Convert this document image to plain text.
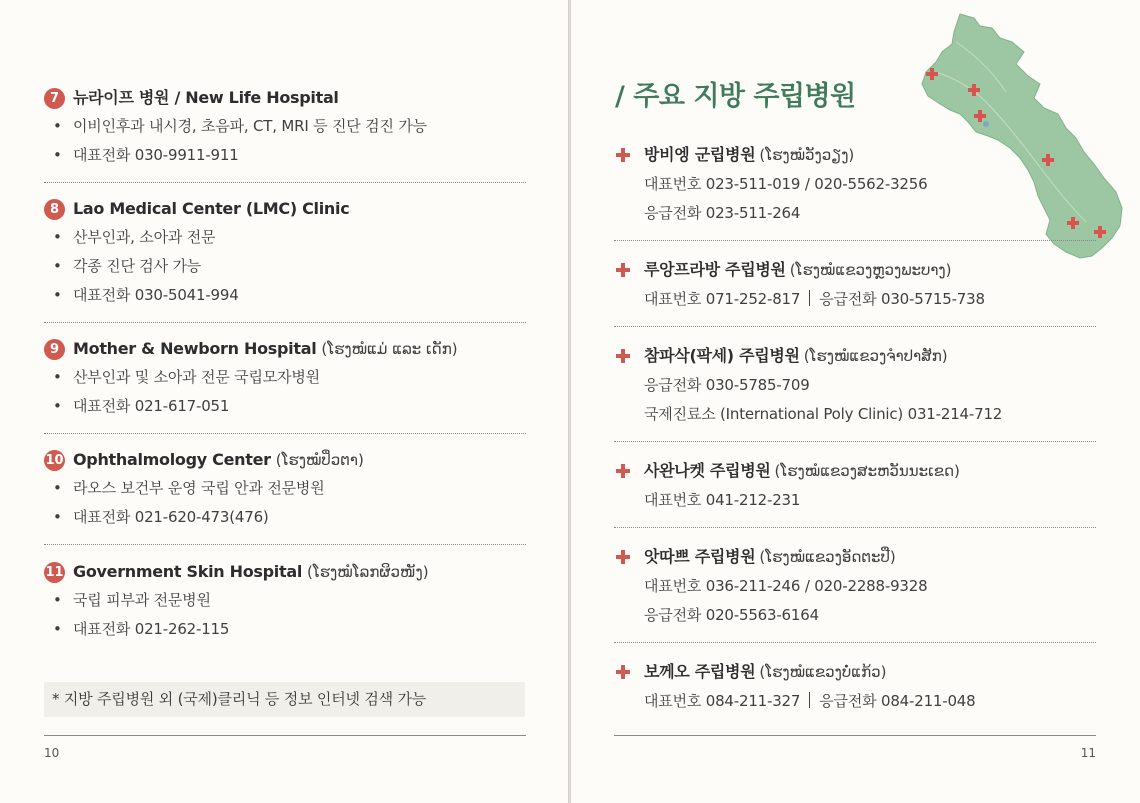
7 뉴라이프 병원 / New Life Hospital
• 이비인후과 내시경, 초음파, CT, MRI 등 진단 검진 가능
• 대표전화 030-9911-911
8 Lao Medical Center (LMC) Clinic
• 산부인과, 소아과 전문
• 각종 진단 검사 가능
• 대표전화 030-5041-994
9 Mother & Newborn Hospital (ໂຮງໝໍແມ່ ແລະ ເດັກ)
• 산부인과 및 소아과 전문 국립모자병원
• 대표전화 021-617-051
10 Ophthalmology Center (ໂຮງໝໍປິ່ວຕາ)
• 라오스 보건부 운영 국립 안과 전문병원
• 대표전화 021-620-473(476)
11 Government Skin Hospital (ໂຮງໝໍໂລກຜິວໜັງ)
• 국립 피부과 전문병원
• 대표전화 021-262-115
* 지방 주립병원 외 (국제)클리닉 등 정보 인터넷 검색 가능
10
/ 주요 지방 주립병원
방비엥 군립병원 (ໂຮງໝໍວັງວຽງ)
대표번호 023-511-019 / 020-5562-3256
응급전화 023-511-264
루앙프라방 주립병원 (ໂຮງໝໍແຂວງຫຼວງພະບາງ)
대표번호 071-252-817 응급전화 030-5715-738
참파삭(팍세) 주립병원 (ໂຮງໝໍແຂວງຈຳປາສັກ)
응급전화 030-5785-709
국제진료소 (International Poly Clinic) 031-214-712
사완나켓 주립병원 (ໂຮງໝໍແຂວງສະຫວັນນະເຂດ)
대표번호 041-212-231
앗따쁘 주립병원 (ໂຮງໝໍແຂວງອັດຕະປື)
대표번호 036-211-246 / 020-2288-9328
응급전화 020-5563-6164
보께오 주립병원 (ໂຮງໝໍແຂວງບໍ່ແກ້ວ)
대표번호 084-211-327 응급전화 084-211-048
11
